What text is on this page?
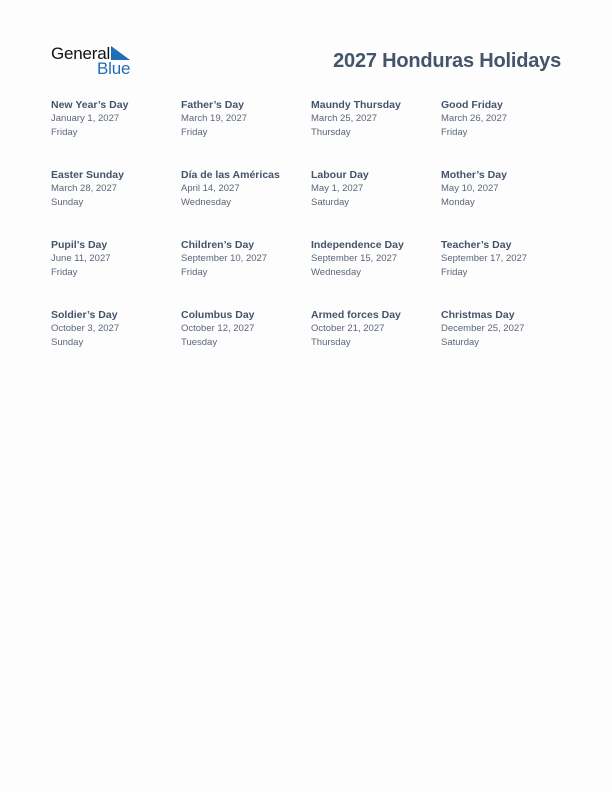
General
Blue	2027 Honduras Holidays
New Year’s Day
January 1, 2027
Friday
Father’s Day
March 19, 2027
Friday
Maundy Thursday
March 25, 2027
Thursday
Good Friday
March 26, 2027
Friday
Easter Sunday
March 28, 2027
Sunday
Día de las Américas
April 14, 2027
Wednesday
Labour Day
May 1, 2027
Saturday
Mother’s Day
May 10, 2027
Monday
Pupil’s Day
June 11, 2027
Friday
Children’s Day
September 10, 2027
Friday
Independence Day
September 15, 2027
Wednesday
Teacher’s Day
September 17, 2027
Friday
Soldier’s Day
October 3, 2027
Sunday
Columbus Day
October 12, 2027
Tuesday
Armed forces Day
October 21, 2027
Thursday
Christmas Day
December 25, 2027
Saturday
